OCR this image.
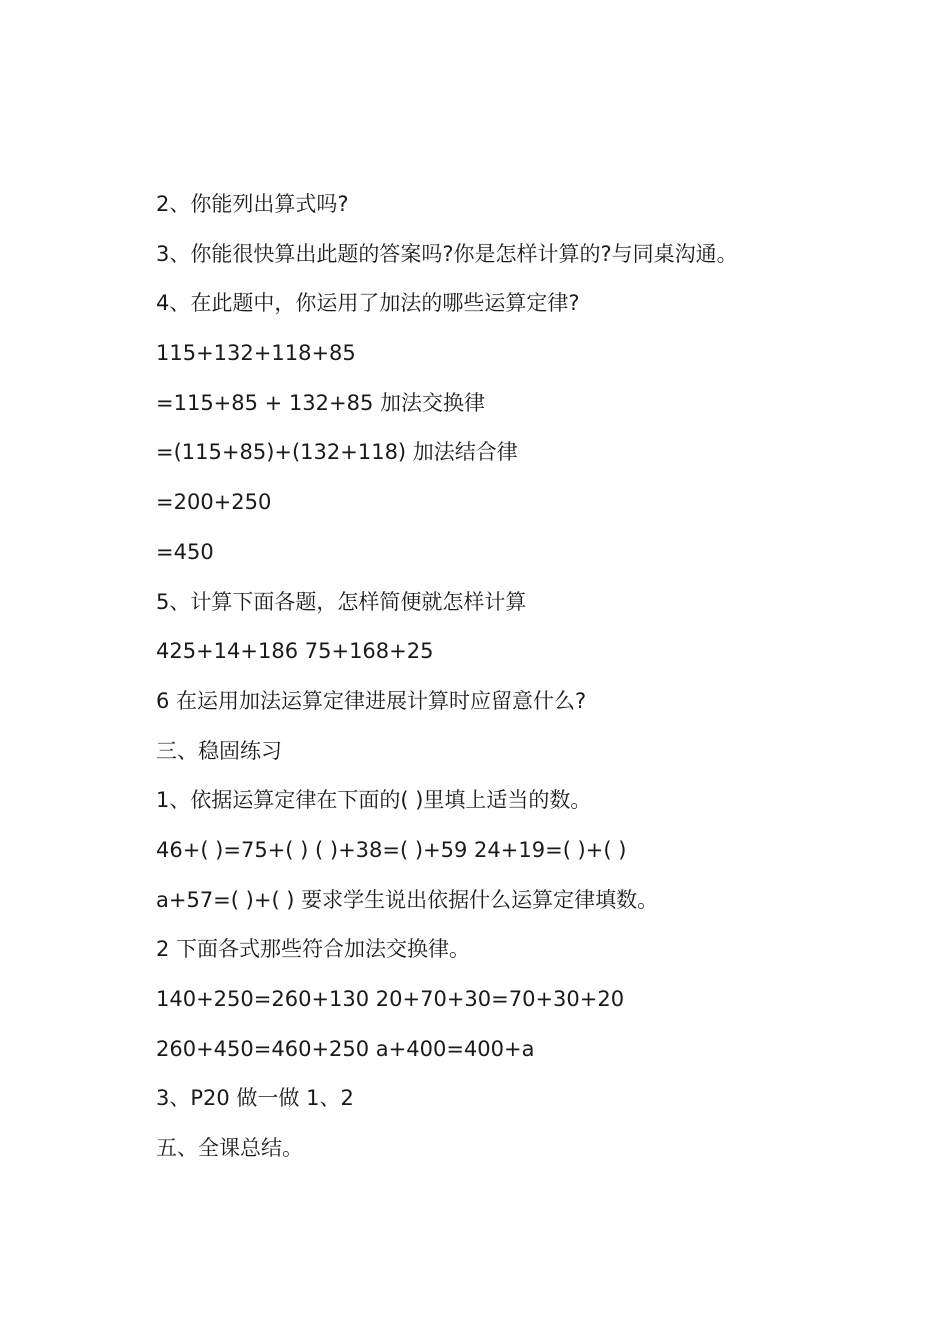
2、你能列出算式吗?
3、你能很快算出此题的答案吗?你是怎样计算的?与同桌沟通。
4、在此题中，你运用了加法的哪些运算定律?
115+132+118+85
=115+85 + 132+85 加法交换律
=(115+85)+(132+118) 加法结合律
=200+250
=450
5、计算下面各题，怎样简便就怎样计算
425+14+186 75+168+25
6 在运用加法运算定律进展计算时应留意什么?
三、稳固练习
1、依据运算定律在下面的( )里填上适当的数。
46+( )=75+( ) ( )+38=( )+59 24+19=( )+( )
a+57=( )+( ) 要求学生说出依据什么运算定律填数。
2 下面各式那些符合加法交换律。
140+250=260+130 20+70+30=70+30+20
260+450=460+250 a+400=400+a
3、P20 做一做 1、2
五、全课总结。
